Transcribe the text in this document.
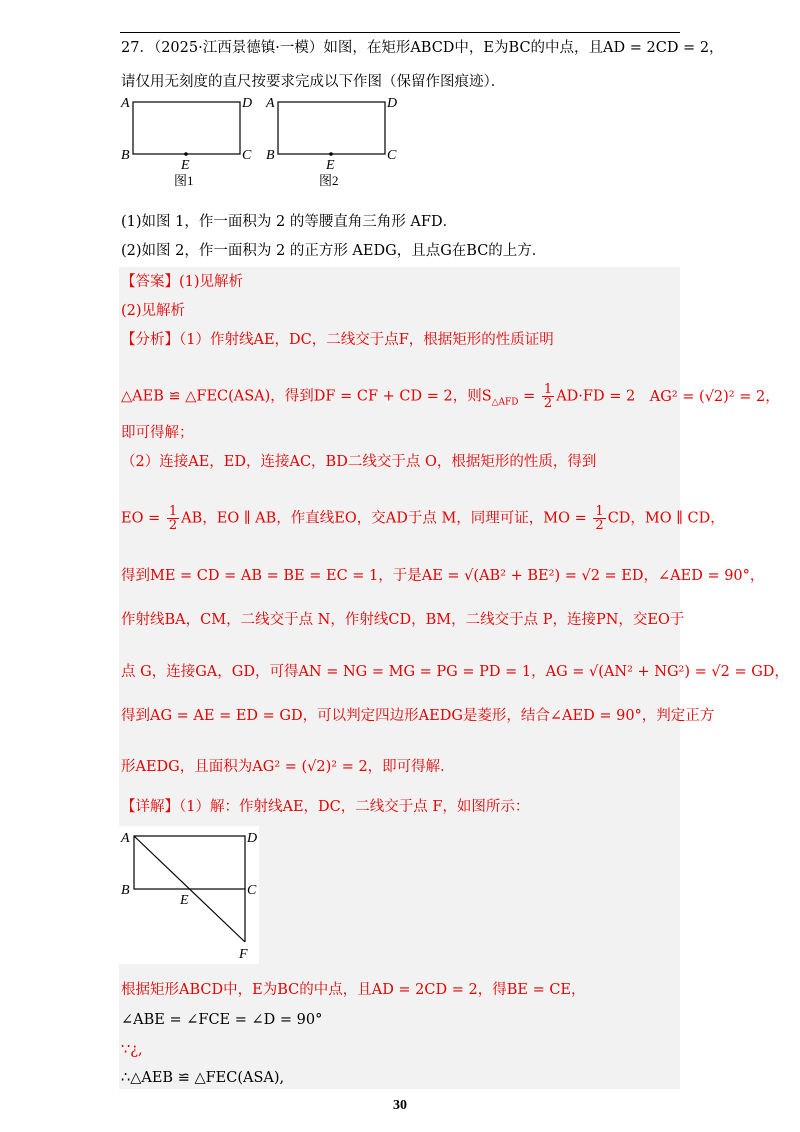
27．（2025·江西景德镇·一模）如图，在矩形ABCD中，E为BC的中点，且AD = 2CD = 2，
请仅用无刻度的直尺按要求完成以下作图（保留作图痕迹）．
A	D
B	C
E
图1
A	D
B	C
E
图2
(1)如图 1，作一面积为 2 的等腰直角三角形 AFD．
(2)如图 2，作一面积为 2 的正方形 AEDG，且点G在BC的上方．
【答案】(1)见解析
(2)见解析
【分析】（1）作射线AE，DC，二线交于点F，根据矩形的性质证明
△AEB ≌ △FEC(ASA)，得到DF = CF + CD = 2，则$S_{\triangle AFD} = \frac{1}{2} AD\cdot FD = 2$ AG² = (√2)² = 2，
即可得解；
（2）连接AE，ED，连接AC，BD二线交于点 O，根据矩形的性质，得到
EO = $\frac{1}{2}$ AB，EO ∥ AB，作直线EO，交AD于点 M，同理可证，MO = $\frac{1}{2}$ CD，MO ∥ CD，
得到ME = CD = AB = BE = EC = 1，于是AE = √(AB² + BE²) = √2 = ED，∠AED = 90°，
作射线BA，CM，二线交于点 N，作射线CD，BM，二线交于点 P，连接PN，交EO于
点 G，连接GA，GD，可得AN = NG = MG = PG = PD = 1，AG = √(AN² + NG²) = √2 = GD，
得到AG = AE = ED = GD，可以判定四边形AEDG是菱形，结合∠AED = 90°，判定正方
形AEDG，且面积为AG² = (√2)² = 2，即可得解．
【详解】（1）解：作射线AE，DC，二线交于点 F，如图所示：
A	D
B	C
E
F
根据矩形ABCD中，E为BC的中点，且AD = 2CD = 2，得BE = CE，
∠ABE = ∠FCE = ∠D = 90°
∵¿,
∴△AEB ≌ △FEC(ASA),
30
